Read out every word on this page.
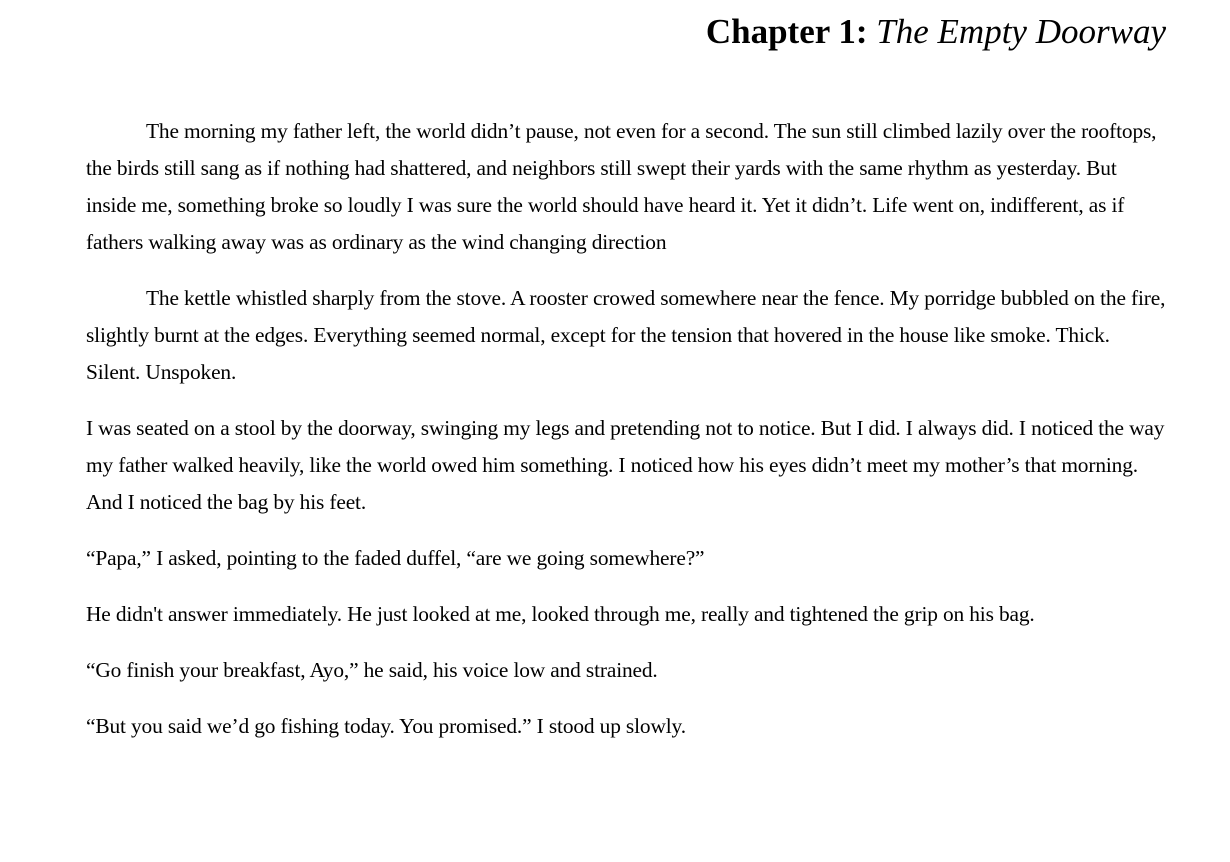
Chapter 1: The Empty Doorway

The morning my father left, the world didn’t pause, not even for a second. The sun still climbed lazily over the rooftops, the birds still sang as if nothing had shattered, and neighbors still swept their yards with the same rhythm as yesterday. But inside me, something broke so loudly I was sure the world should have heard it. Yet it didn’t. Life went on, indifferent, as if fathers walking away was as ordinary as the wind changing direction

The kettle whistled sharply from the stove. A rooster crowed somewhere near the fence. My porridge bubbled on the fire, slightly burnt at the edges. Everything seemed normal, except for the tension that hovered in the house like smoke. Thick. Silent. Unspoken.

I was seated on a stool by the doorway, swinging my legs and pretending not to notice. But I did. I always did. I noticed the way my father walked heavily, like the world owed him something. I noticed how his eyes didn’t meet my mother’s that morning. And I noticed the bag by his feet.

“Papa,” I asked, pointing to the faded duffel, “are we going somewhere?”

He didn't answer immediately. He just looked at me, looked through me, really and tightened the grip on his bag.

“Go finish your breakfast, Ayo,” he said, his voice low and strained.

“But you said we’d go fishing today. You promised.” I stood up slowly.
